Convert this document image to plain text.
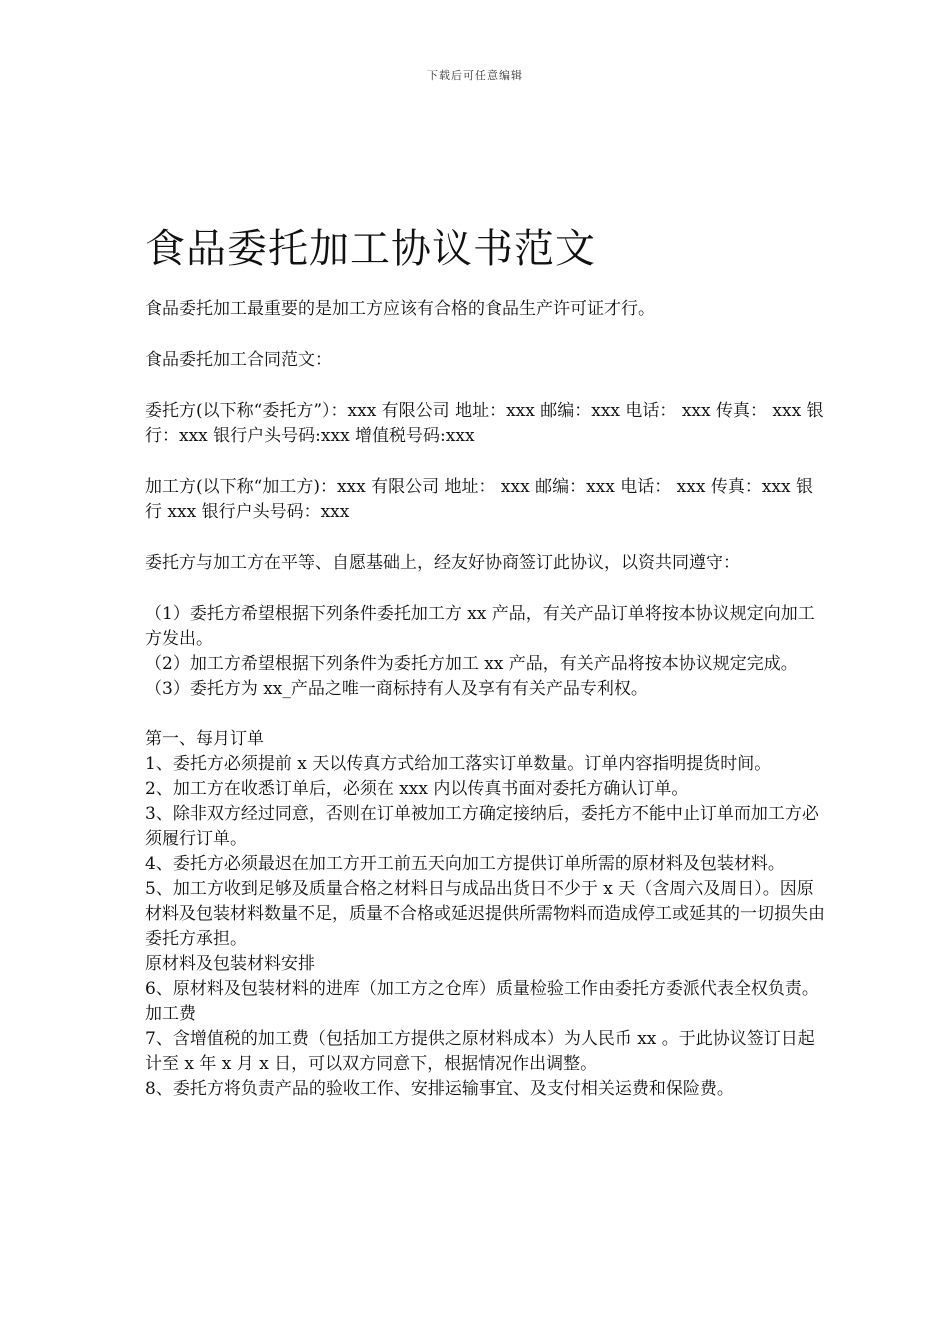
下载后可任意编辑
食品委托加工协议书范文

食品委托加工最重要的是加工方应该有合格的食品生产许可证才行。

食品委托加工合同范文：

委托方(以下称“委托方”）：xxx 有限公司 地址：xxx 邮编：xxx 电话： xxx 传真： xxx 银行：xxx 银行户头号码:xxx 增值税号码:xxx

加工方(以下称“加工方)：xxx 有限公司 地址： xxx 邮编：xxx 电话： xxx 传真：xxx 银行 xxx 银行户头号码：xxx

委托方与加工方在平等、自愿基础上，经友好协商签订此协议，以资共同遵守：

（1）委托方希望根据下列条件委托加工方 xx 产品，有关产品订单将按本协议规定向加工方发出。

（2）加工方希望根据下列条件为委托方加工 xx 产品，有关产品将按本协议规定完成。

（3）委托方为 xx_产品之唯一商标持有人及享有有关产品专利权。

第一、每月订单

1、委托方必须提前 x 天以传真方式给加工落实订单数量。订单内容指明提货时间。

2、加工方在收悉订单后，必须在 xxx 内以传真书面对委托方确认订单。

3、除非双方经过同意，否则在订单被加工方确定接纳后，委托方不能中止订单而加工方必须履行订单。

4、委托方必须最迟在加工方开工前五天向加工方提供订单所需的原材料及包装材料。

5、加工方收到足够及质量合格之材料日与成品出货日不少于 x 天（含周六及周日）。因原材料及包装材料数量不足，质量不合格或延迟提供所需物料而造成停工或延其的一切损失由委托方承担。

原材料及包装材料安排

6、原材料及包装材料的进库（加工方之仓库）质量检验工作由委托方委派代表全权负责。

加工费

7、含增值税的加工费（包括加工方提供之原材料成本）为人民币 xx 。于此协议签订日起计至 x 年 x 月 x 日，可以双方同意下，根据情况作出调整。

8、委托方将负责产品的验收工作、安排运输事宜、及支付相关运费和保险费。
